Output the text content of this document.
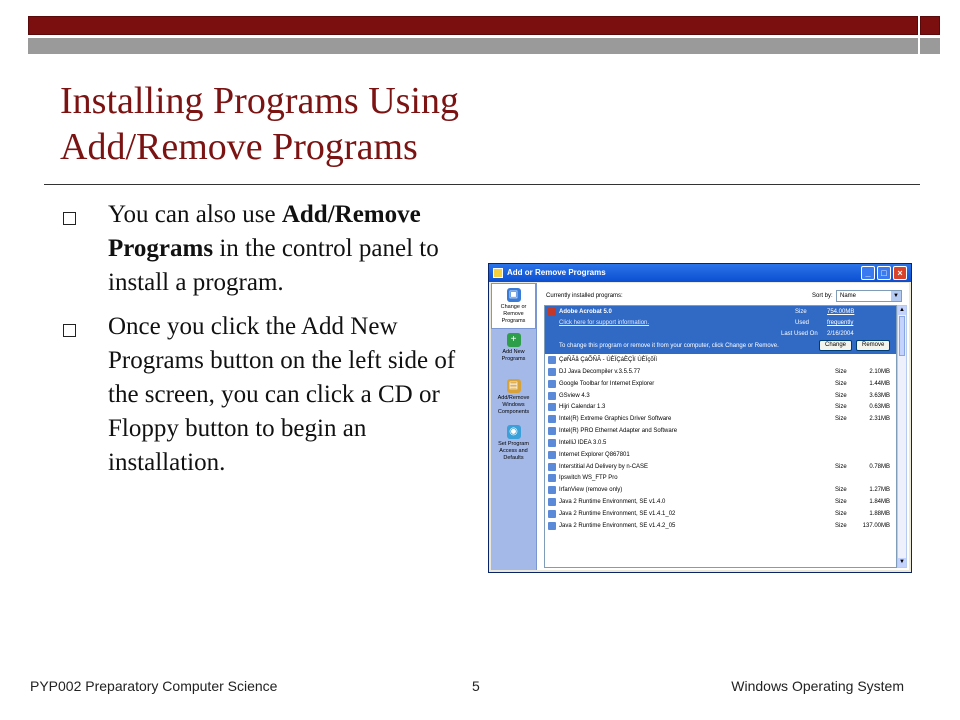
Installing Programs Using
Add/Remove Programs
You can also use Add/Remove Programs in the control panel to install a program.
Once you click the Add New Programs button on the left side of the screen, you can click a CD or Floppy button to begin an installation.
Add or Remove Programs	_	□	×
▣
Change or Remove Programs
+
Add New Programs
▤
Add/Remove Windows Components
◉
Set Program Access and Defaults
Currently installed programs:	Sort by:	Name	▼
Adobe Acrobat 5.0
Click here for support information.
To change this program or remove it from your computer, click Change or Remove.
Size	754.00MB
Used	frequently
Last Used On 2/16/2004
Change	Remove
ÇøÑÃå ÇáÕÑÃ - ÚÈÏÇáÈÇÏí ÚÈÏçõÏí
DJ Java Decompiler v.3.5.5.77	Size	2.10MB
Google Toolbar for Internet Explorer	Size	1.44MB
GSview 4.3	Size	3.63MB
Hijri Calendar 1.3	Size	0.63MB
Intel(R) Extreme Graphics Driver Software	Size	2.31MB
Intel(R) PRO Ethernet Adapter and Software
IntelliJ IDEA 3.0.5
Internet Explorer Q867801
Interstitial Ad Delivery by n-CASE	Size	0.78MB
Ipswitch WS_FTP Pro
IrfanView (remove only)	Size	1.27MB
Java 2 Runtime Environment, SE v1.4.0	Size	1.84MB
Java 2 Runtime Environment, SE v1.4.1_02	Size	1.88MB
Java 2 Runtime Environment, SE v1.4.2_05	Size	137.00MB
▲
▼
PYP002 Preparatory Computer Science	5	Windows Operating System
